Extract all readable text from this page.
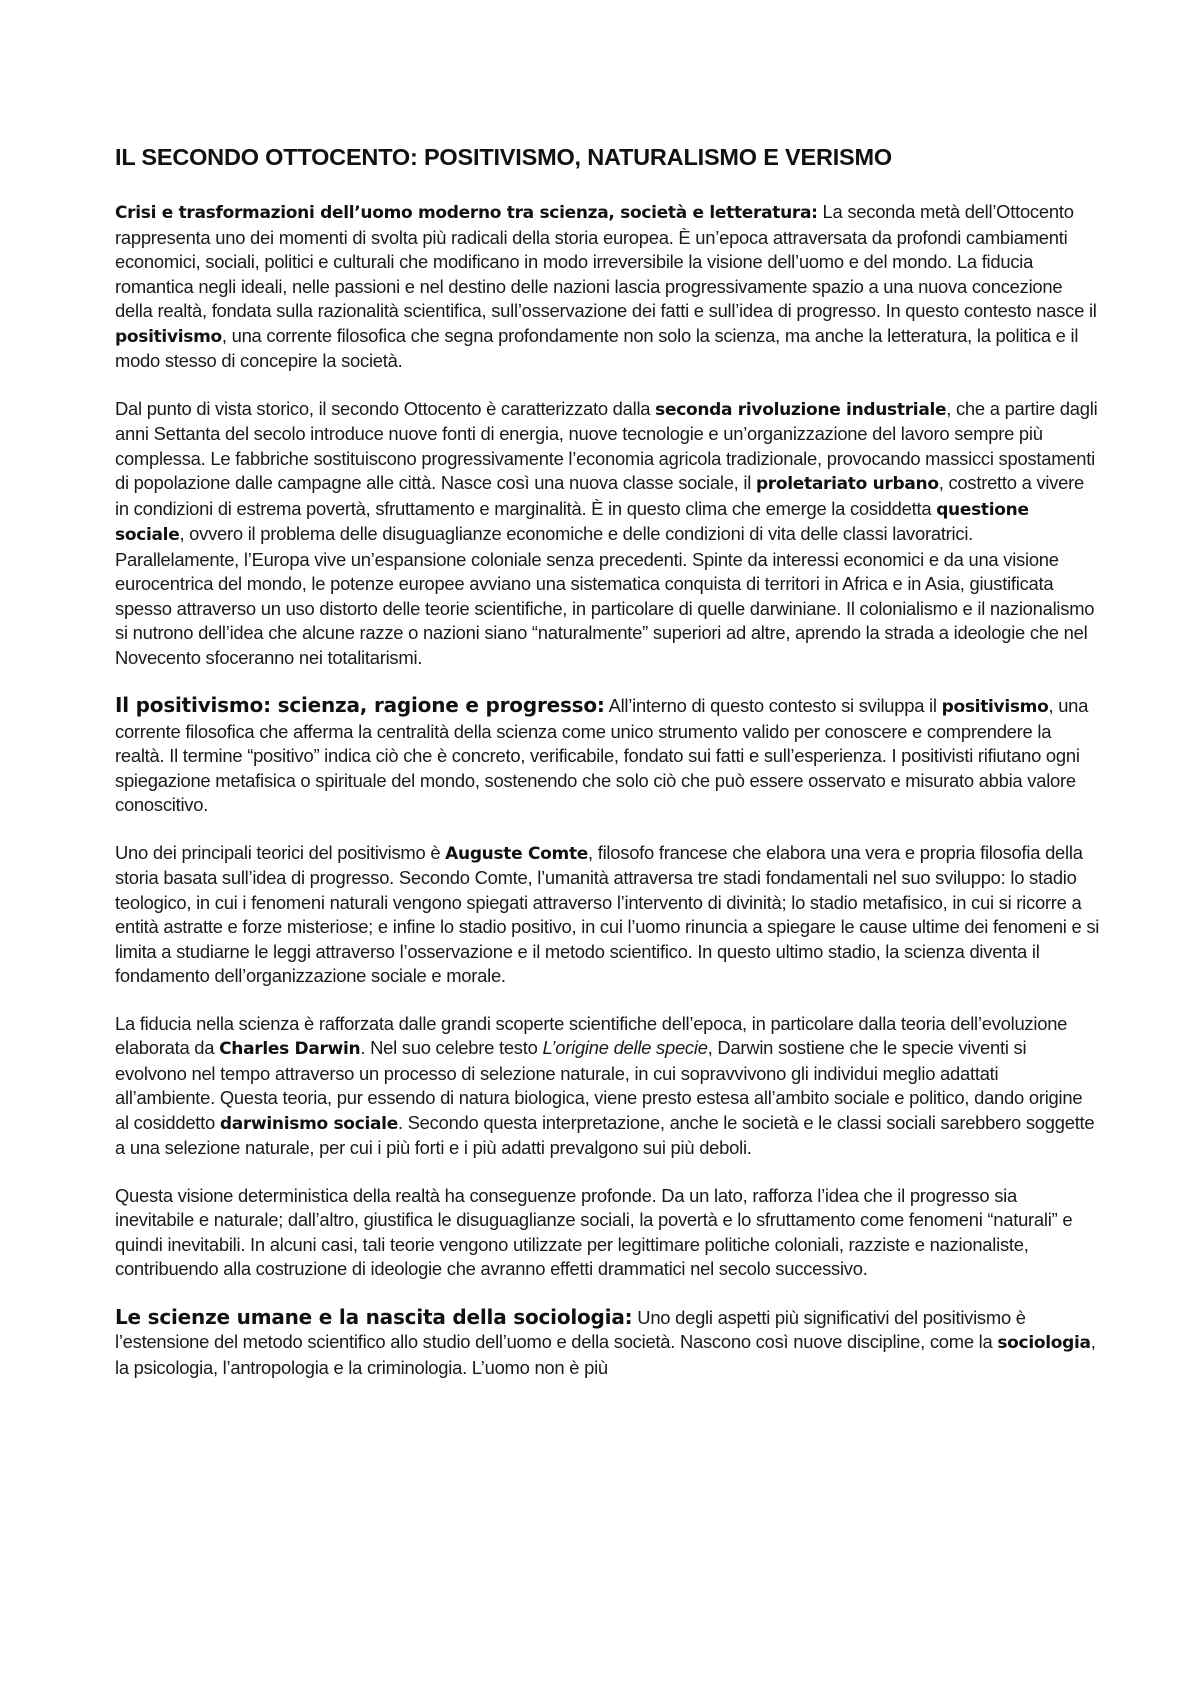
IL SECONDO OTTOCENTO: POSITIVISMO, NATURALISMO E VERISMO

Crisi e trasformazioni dell’uomo moderno tra scienza, società e letteratura: La seconda metà dell’Ottocento rappresenta uno dei momenti di svolta più radicali della storia europea. È un’epoca attraversata da profondi cambiamenti economici, sociali, politici e culturali che modificano in modo irreversibile la visione dell’uomo e del mondo. La fiducia romantica negli ideali, nelle passioni e nel destino delle nazioni lascia progressivamente spazio a una nuova concezione della realtà, fondata sulla razionalità scientifica, sull’osservazione dei fatti e sull’idea di progresso. In questo contesto nasce il positivismo, una corrente filosofica che segna profondamente non solo la scienza, ma anche la letteratura, la politica e il modo stesso di concepire la società.

Dal punto di vista storico, il secondo Ottocento è caratterizzato dalla seconda rivoluzione industriale, che a partire dagli anni Settanta del secolo introduce nuove fonti di energia, nuove tecnologie e un’organizzazione del lavoro sempre più complessa. Le fabbriche sostituiscono progressivamente l’economia agricola tradizionale, provocando massicci spostamenti di popolazione dalle campagne alle città. Nasce così una nuova classe sociale, il proletariato urbano, costretto a vivere in condizioni di estrema povertà, sfruttamento e marginalità. È in questo clima che emerge la cosiddetta questione sociale, ovvero il problema delle disuguaglianze economiche e delle condizioni di vita delle classi lavoratrici. Parallelamente, l’Europa vive un’espansione coloniale senza precedenti. Spinte da interessi economici e da una visione eurocentrica del mondo, le potenze europee avviano una sistematica conquista di territori in Africa e in Asia, giustificata spesso attraverso un uso distorto delle teorie scientifiche, in particolare di quelle darwiniane. Il colonialismo e il nazionalismo si nutrono dell’idea che alcune razze o nazioni siano “naturalmente” superiori ad altre, aprendo la strada a ideologie che nel Novecento sfoceranno nei totalitarismi.

Il positivismo: scienza, ragione e progresso: All’interno di questo contesto si sviluppa il positivismo, una corrente filosofica che afferma la centralità della scienza come unico strumento valido per conoscere e comprendere la realtà. Il termine “positivo” indica ciò che è concreto, verificabile, fondato sui fatti e sull’esperienza. I positivisti rifiutano ogni spiegazione metafisica o spirituale del mondo, sostenendo che solo ciò che può essere osservato e misurato abbia valore conoscitivo.

Uno dei principali teorici del positivismo è Auguste Comte, filosofo francese che elabora una vera e propria filosofia della storia basata sull’idea di progresso. Secondo Comte, l’umanità attraversa tre stadi fondamentali nel suo sviluppo: lo stadio teologico, in cui i fenomeni naturali vengono spiegati attraverso l’intervento di divinità; lo stadio metafisico, in cui si ricorre a entità astratte e forze misteriose; e infine lo stadio positivo, in cui l’uomo rinuncia a spiegare le cause ultime dei fenomeni e si limita a studiarne le leggi attraverso l’osservazione e il metodo scientifico. In questo ultimo stadio, la scienza diventa il fondamento dell’organizzazione sociale e morale.

La fiducia nella scienza è rafforzata dalle grandi scoperte scientifiche dell’epoca, in particolare dalla teoria dell’evoluzione elaborata da Charles Darwin. Nel suo celebre testo L’origine delle specie, Darwin sostiene che le specie viventi si evolvono nel tempo attraverso un processo di selezione naturale, in cui sopravvivono gli individui meglio adattati all’ambiente. Questa teoria, pur essendo di natura biologica, viene presto estesa all’ambito sociale e politico, dando origine al cosiddetto darwinismo sociale. Secondo questa interpretazione, anche le società e le classi sociali sarebbero soggette a una selezione naturale, per cui i più forti e i più adatti prevalgono sui più deboli.

Questa visione deterministica della realtà ha conseguenze profonde. Da un lato, rafforza l’idea che il progresso sia inevitabile e naturale; dall’altro, giustifica le disuguaglianze sociali, la povertà e lo sfruttamento come fenomeni “naturali” e quindi inevitabili. In alcuni casi, tali teorie vengono utilizzate per legittimare politiche coloniali, razziste e nazionaliste, contribuendo alla costruzione di ideologie che avranno effetti drammatici nel secolo successivo.

Le scienze umane e la nascita della sociologia: Uno degli aspetti più significativi del positivismo è l’estensione del metodo scientifico allo studio dell’uomo e della società. Nascono così nuove discipline, come la sociologia, la psicologia, l’antropologia e la criminologia. L’uomo non è più
